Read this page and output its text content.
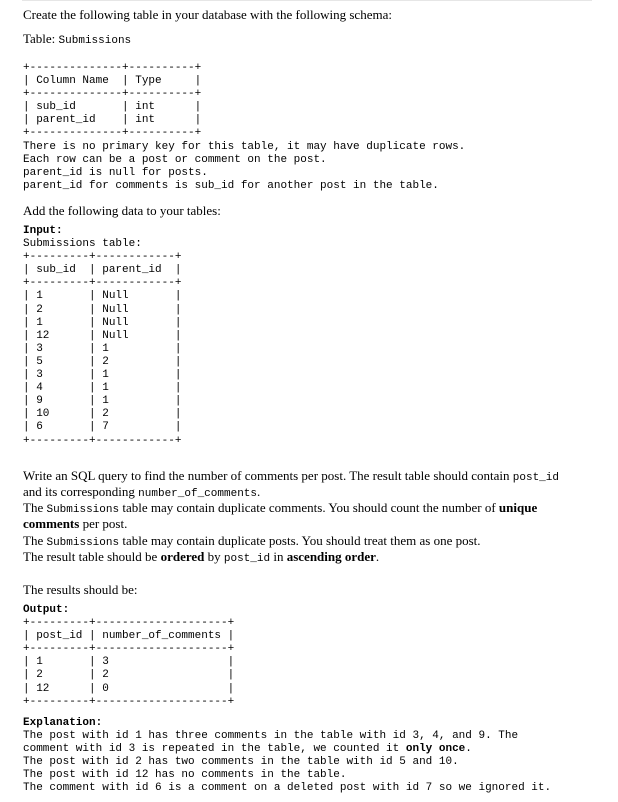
Create the following table in your database with the following schema:

Table: Submissions

+--------------+----------+
| Column Name  | Type     |
+--------------+----------+
| sub_id       | int      |
| parent_id    | int      |
+--------------+----------+
There is no primary key for this table, it may have duplicate rows.
Each row can be a post or comment on the post.
parent_id is null for posts.
parent_id for comments is sub_id for another post in the table.

Add the following data to your tables:

Input:
Submissions table:
+---------+------------+
| sub_id  | parent_id  |
+---------+------------+
| 1       | Null       |
| 2       | Null       |
| 1       | Null       |
| 12      | Null       |
| 3       | 1          |
| 5       | 2          |
| 3       | 1          |
| 4       | 1          |
| 9       | 1          |
| 10      | 2          |
| 6       | 7          |
+---------+------------+

Write an SQL query to find the number of comments per post. The result table should contain post_id

and its corresponding number_of_comments.

The Submissions table may contain duplicate comments. You should count the number of unique

comments per post.

The Submissions table may contain duplicate posts. You should treat them as one post.

The result table should be ordered by post_id in ascending order.

The results should be:

Output:
+---------+--------------------+
| post_id | number_of_comments |
+---------+--------------------+
| 1       | 3                  |
| 2       | 2                  |
| 12      | 0                  |
+---------+--------------------+
Explanation:
The post with id 1 has three comments in the table with id 3, 4, and 9. The
comment with id 3 is repeated in the table, we counted it only once.
The post with id 2 has two comments in the table with id 5 and 10.
The post with id 12 has no comments in the table.
The comment with id 6 is a comment on a deleted post with id 7 so we ignored it.
